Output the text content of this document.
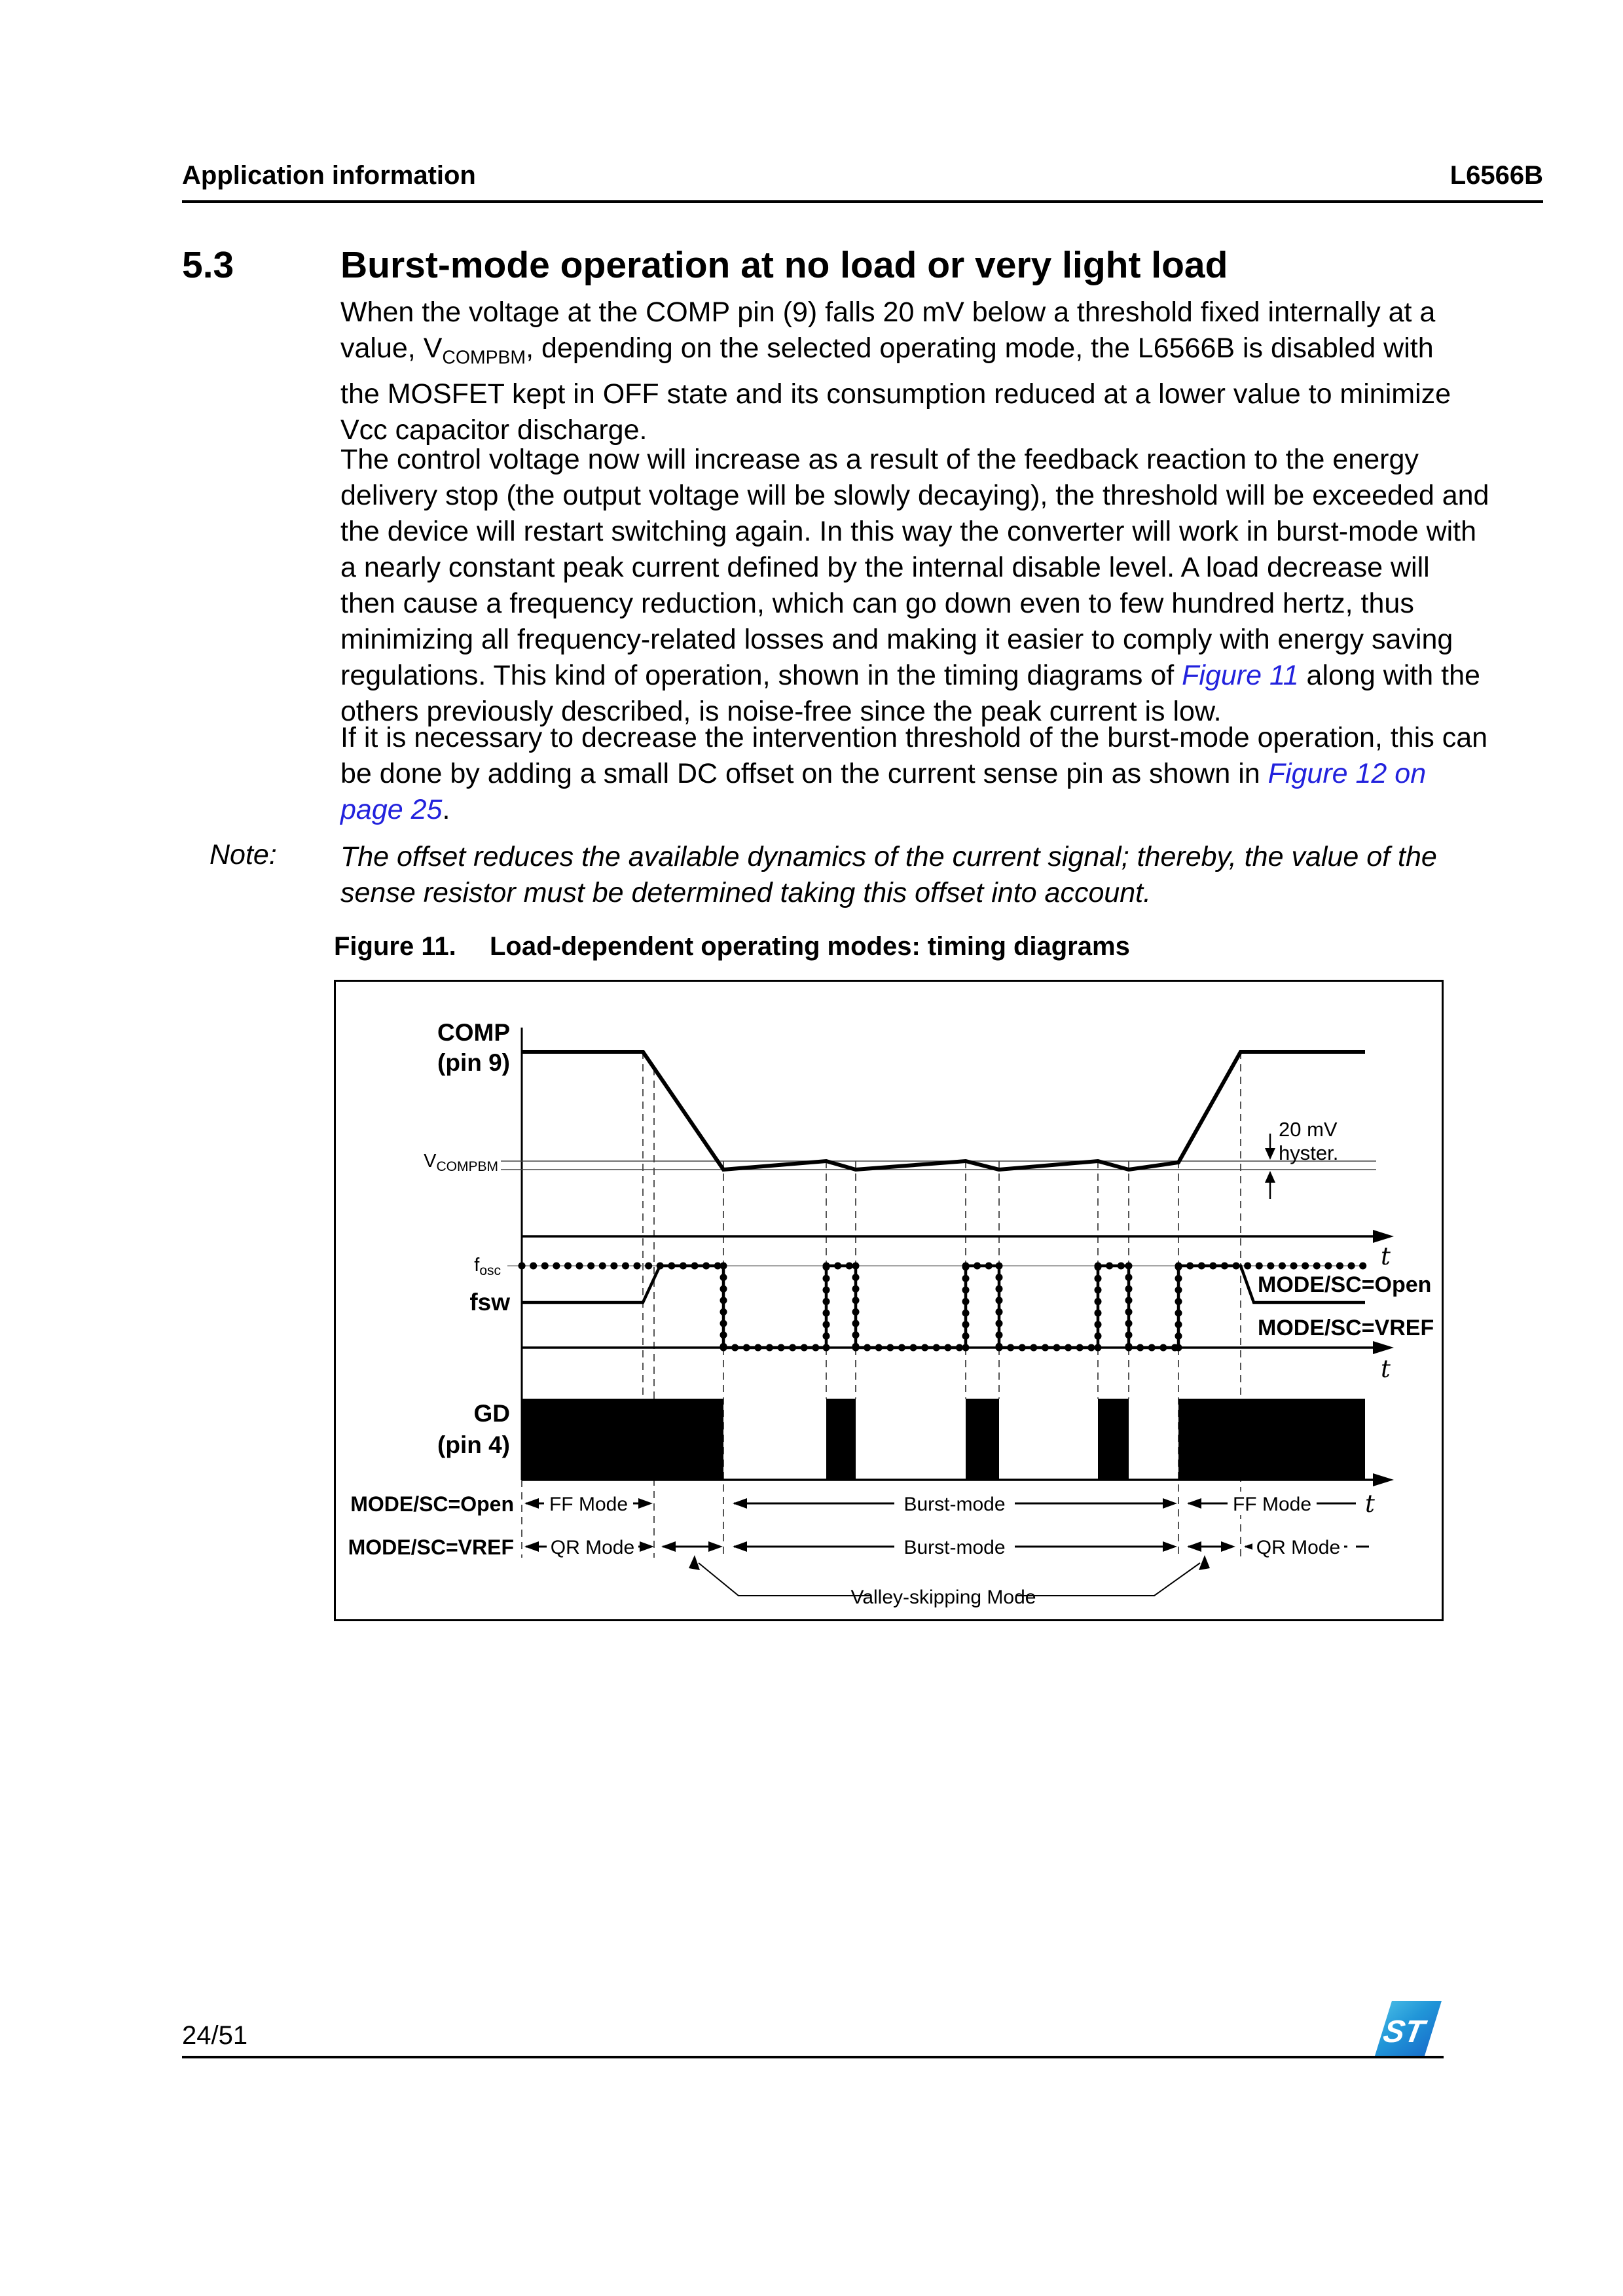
Application information	L6566B
5.3	Burst-mode operation at no load or very light load
When the voltage at the COMP pin (9) falls 20 mV below a threshold fixed internally at a
value, $V_{COMPBM}$, depending on the selected operating mode, the L6566B is disabled with
the MOSFET kept in OFF state and its consumption reduced at a lower value to minimize
Vcc capacitor discharge.
The control voltage now will increase as a result of the feedback reaction to the energy
delivery stop (the output voltage will be slowly decaying), the threshold will be exceeded and
the device will restart switching again. In this way the converter will work in burst-mode with
a nearly constant peak current defined by the internal disable level. A load decrease will
then cause a frequency reduction, which can go down even to few hundred hertz, thus
minimizing all frequency-related losses and making it easier to comply with energy saving
regulations. This kind of operation, shown in the timing diagrams of Figure 11 along with the
others previously described, is noise-free since the peak current is low.
If it is necessary to decrease the intervention threshold of the burst-mode operation, this can
be done by adding a small DC offset on the current sense pin as shown in Figure 12 on
page 25.
Note: The offset reduces the available dynamics of the current signal; thereby, the value of the
sense resistor must be determined taking this offset into account.
Figure 11. Load-dependent operating modes: timing diagrams
COMP
(pin 9)
$V_{COMPBM}$
20 mV
hyster.
t
$f_{osc}$
fsw
MODE/SC=Open
MODE/SC=VREF
t
GD
(pin 4)
MODE/SC=Open FF Mode	Burst-mode	FF Mode t
MODE/SC=VREF QR Mode	Burst-mode	QR Mode
Valley-skipping Mode
24/51	ST
